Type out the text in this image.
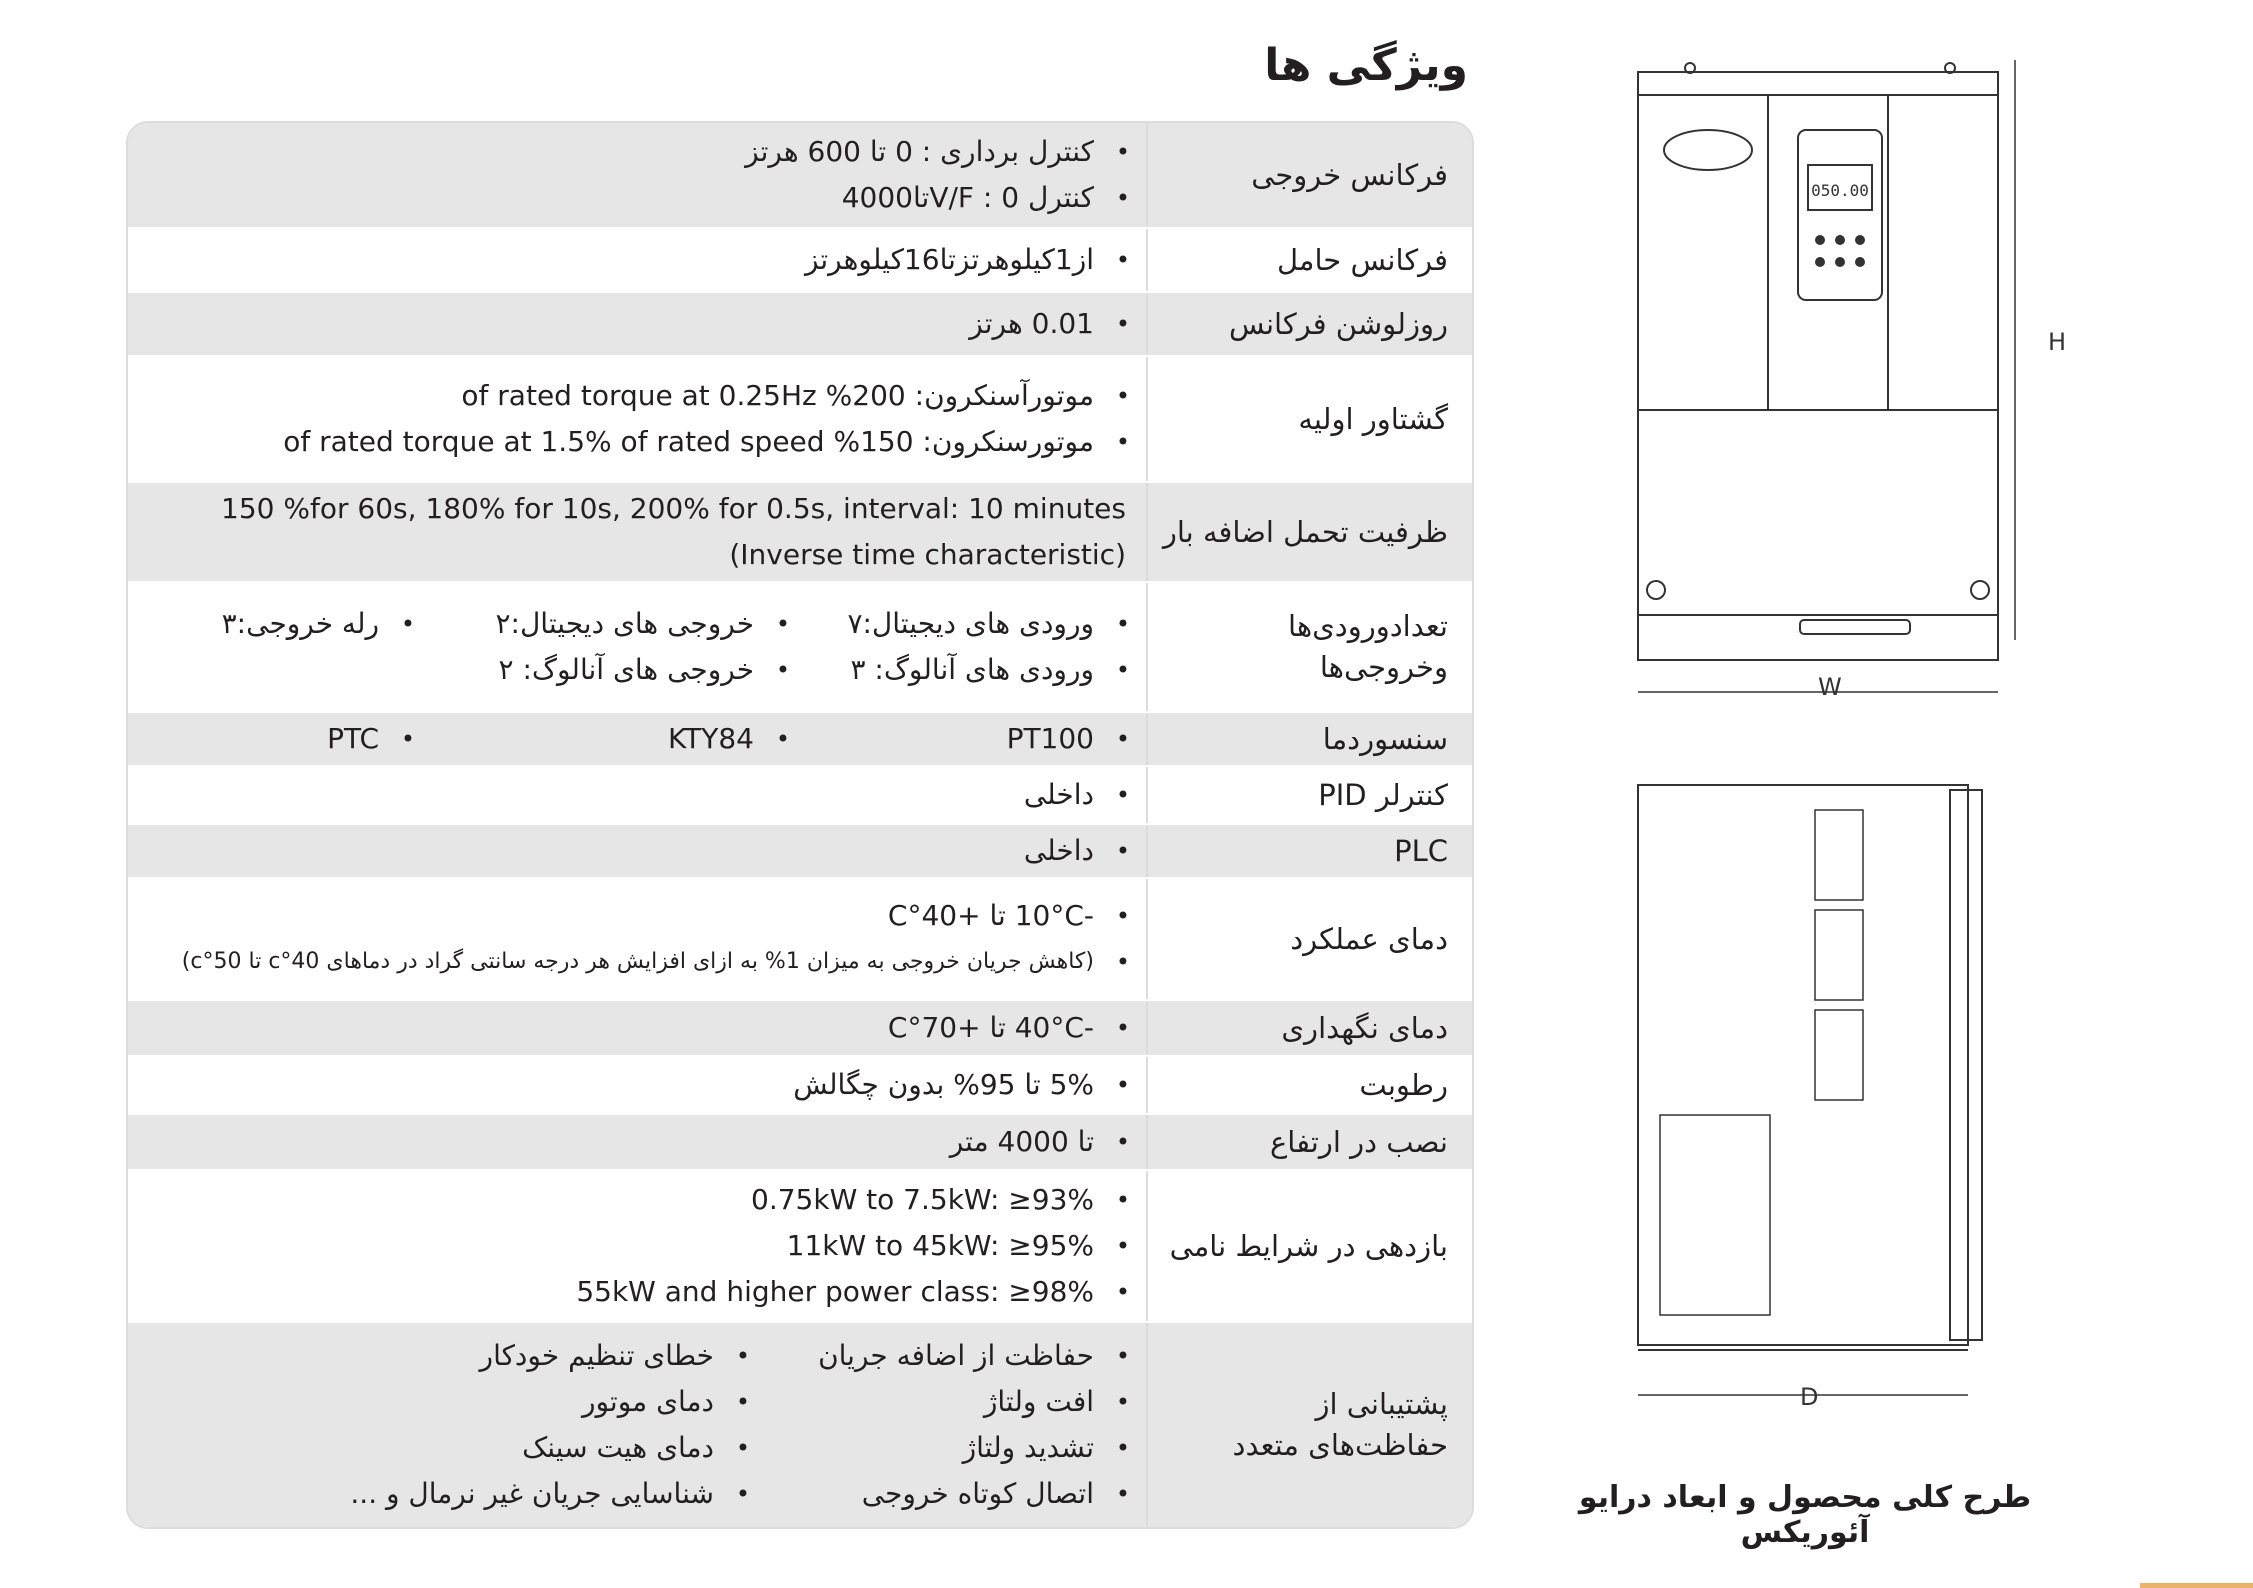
ویژگی ها
فرکانس خروجی
• کنترل برداری : 0 تا 600 هرتز
• کنترل V/F : 0تا4000
فرکانس حامل
• از1کیلوهرتزتا16کیلوهرتز
روزلوشن فرکانس
• 0.01 هرتز
گشتاور اولیه
• موتورآسنکرون: 200% of rated torque at 0.25Hz
• موتورسنکرون: 150% of rated torque at 1.5% of rated speed
ظرفیت تحمل اضافه بار
150 %for 60s, 180% for 10s, 200% for 0.5s, interval: 10 minutes
(Inverse time characteristic)
تعدادورودی‌ها
وخروجی‌ها
• ورودی های دیجیتال:۷
• ورودی های آنالوگ: ۳
• خروجی های دیجیتال:۲
• خروجی های آنالوگ: ۲
• رله خروجی:۳
سنسوردما
• PT100
• KTY84
• PTC
کنترلر PID
• داخلی
PLC
• داخلی
دمای عملکرد
• -10°C تا +40°C
• (کاهش جریان خروجی به میزان 1% به ازای افزایش هر درجه سانتی گراد در دماهای 40°c تا 50°c)
دمای نگهداری
• -40°C تا +70°C
رطوبت
• 5% تا 95% بدون چگالش
نصب در ارتفاع
• تا 4000 متر
بازدهی در شرایط نامی
• 0.75kW to 7.5kW: ≥93%
• 11kW to 45kW: ≥95%
• 55kW and higher power class: ≥98%
پشتیبانی از
حفاظت‌های متعدد
• حفاظت از اضافه جریان
• افت ولتاژ
• تشدید ولتاژ
• اتصال کوتاه خروجی
• خطای تنظیم خودکار
• دمای موتور
• دمای هیت سینک
• شناسایی جریان غیر نرمال و ...
050.00
H
W
D
طرح کلی محصول و ابعاد درایو آئوریکس
